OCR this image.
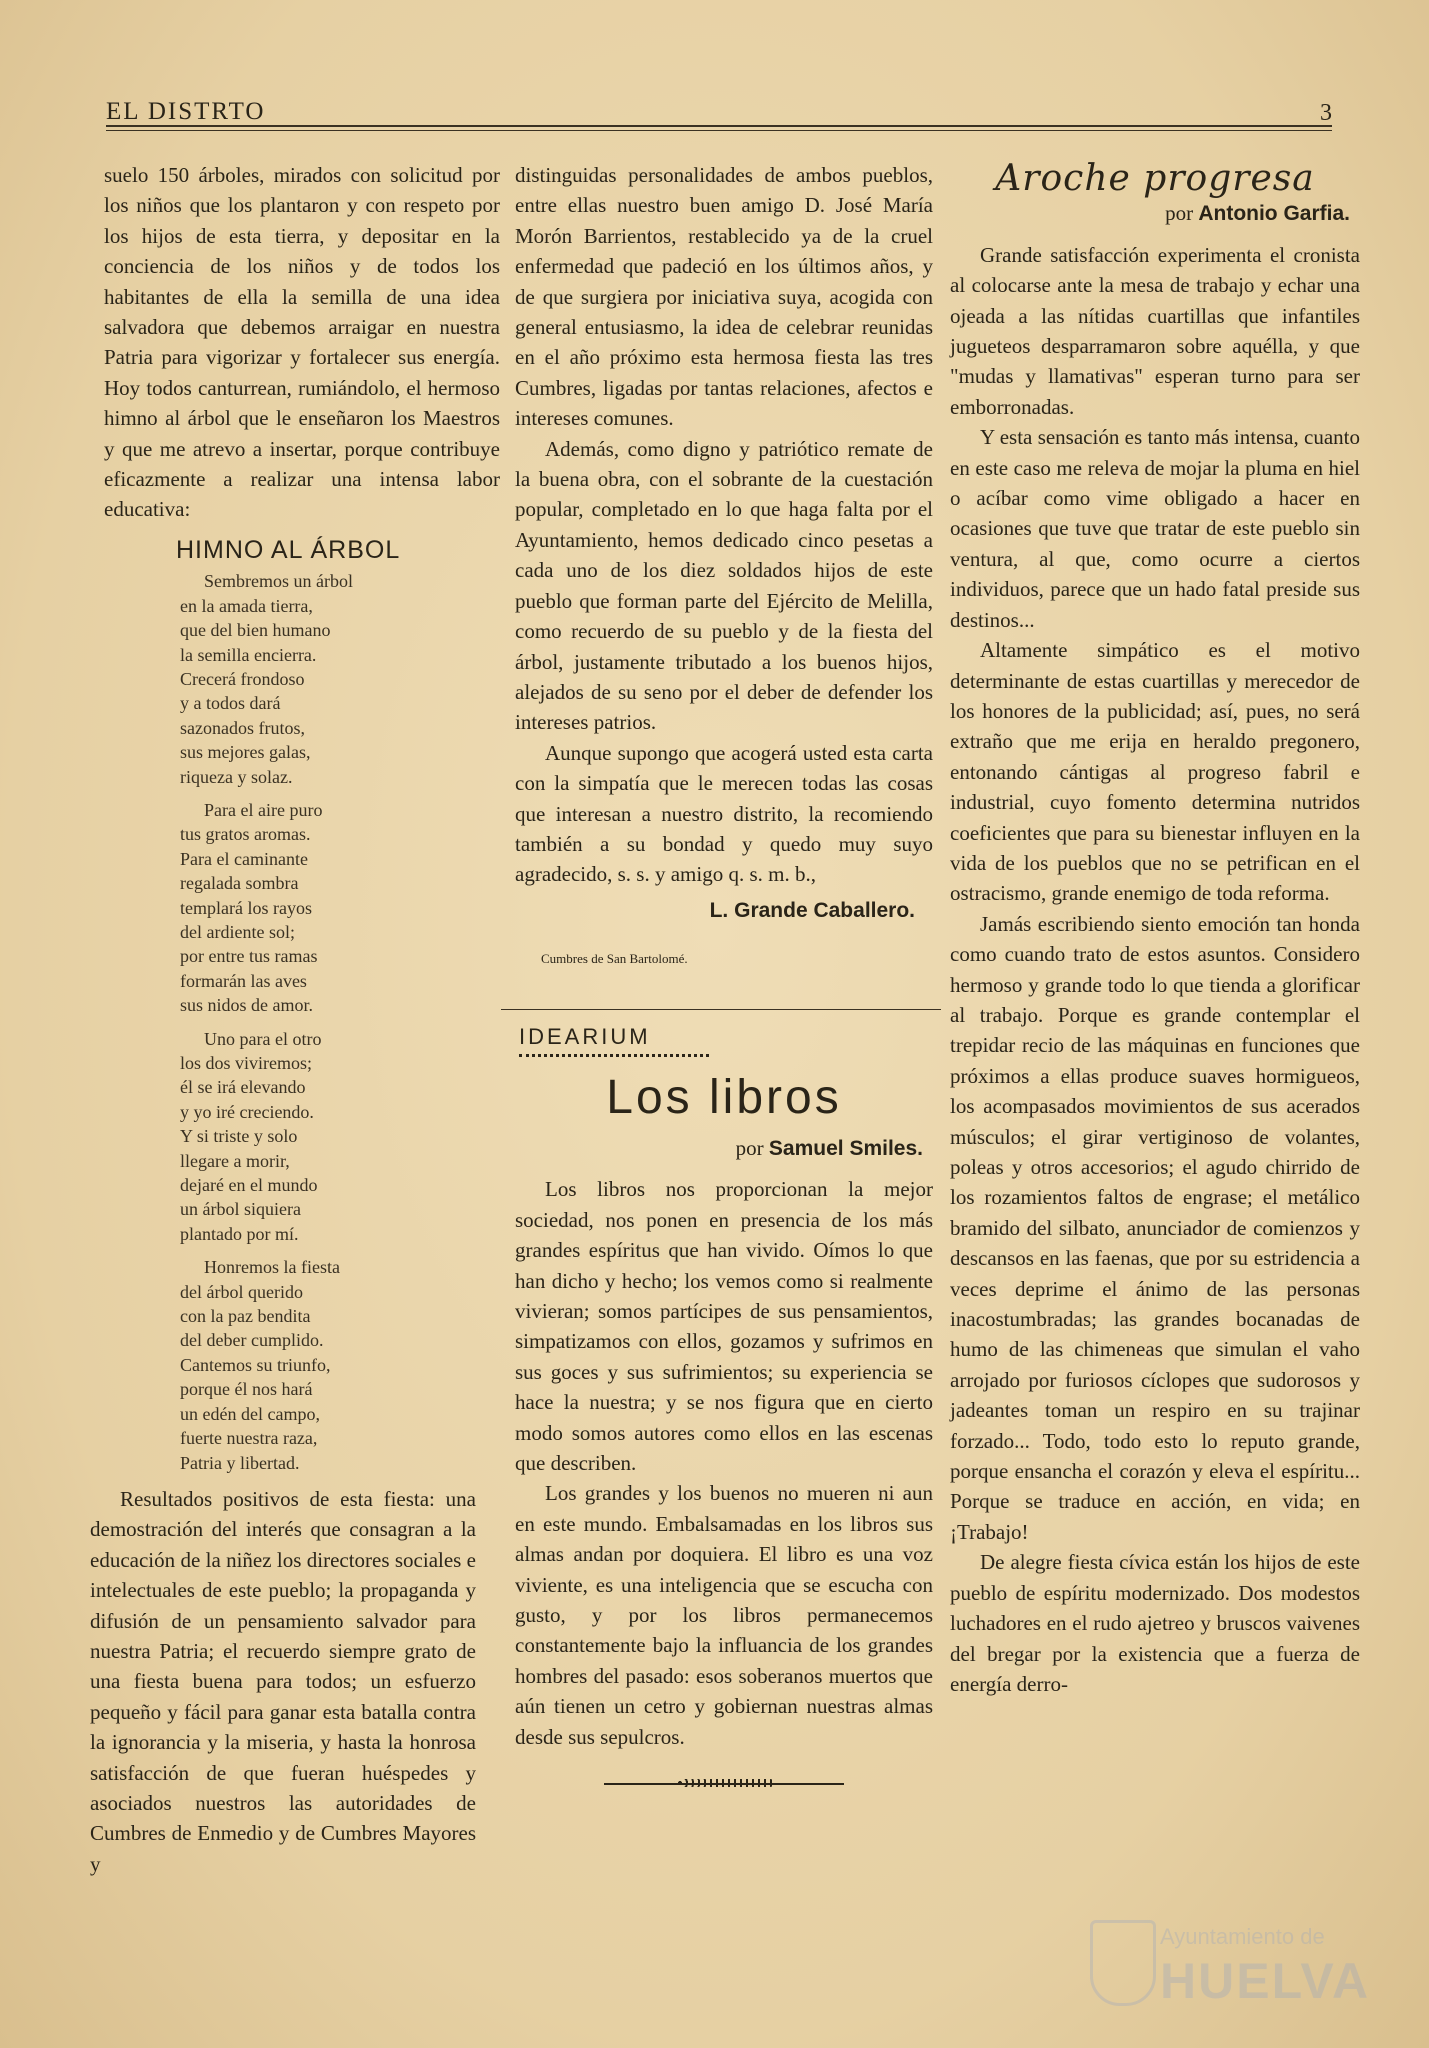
EL DISTRTO	3

suelo 150 árboles, mirados con solicitud por los niños que los plantaron y con respeto por los hijos de esta tierra, y depositar en la conciencia de los niños y de todos los habitantes de ella la semilla de una idea salvadora que debemos arraigar en nuestra Patria para vigorizar y fortalecer sus energía. Hoy todos canturrean, rumiándolo, el hermoso himno al árbol que le enseñaron los Maestros y que me atrevo a insertar, porque contribuye eficazmente a realizar una intensa labor educativa:

HIMNO AL ÁRBOL
Sembremos un árbol
en la amada tierra,
que del bien humano
la semilla encierra.
Crecerá frondoso
y a todos dará
sazonados frutos,
sus mejores galas,
riqueza y solaz.
Para el aire puro
tus gratos aromas.
Para el caminante
regalada sombra
templará los rayos
del ardiente sol;
por entre tus ramas
formarán las aves
sus nidos de amor.
Uno para el otro
los dos viviremos;
él se irá elevando
y yo iré creciendo.
Y si triste y solo
llegare a morir,
dejaré en el mundo
un árbol siquiera
plantado por mí.
Honremos la fiesta
del árbol querido
con la paz bendita
del deber cumplido.
Cantemos su triunfo,
porque él nos hará
un edén del campo,
fuerte nuestra raza,
Patria y libertad.

Resultados positivos de esta fiesta: una demostración del interés que consagran a la educación de la niñez los directores sociales e intelectuales de este pueblo; la propaganda y difusión de un pensamiento salvador para nuestra Patria; el recuerdo siempre grato de una fiesta buena para todos; un esfuerzo pequeño y fácil para ganar esta batalla contra la ignorancia y la miseria, y hasta la honrosa satisfacción de que fueran huéspedes y asociados nuestros las autoridades de Cumbres de Enmedio y de Cumbres Mayores y

distinguidas personalidades de ambos pueblos, entre ellas nuestro buen amigo D. José María Morón Barrientos, restablecido ya de la cruel enfermedad que padeció en los últimos años, y de que surgiera por iniciativa suya, acogida con general entusiasmo, la idea de celebrar reunidas en el año próximo esta hermosa fiesta las tres Cumbres, ligadas por tantas relaciones, afectos e intereses comunes.

Además, como digno y patriótico remate de la buena obra, con el sobrante de la cuestación popular, completado en lo que haga falta por el Ayuntamiento, hemos dedicado cinco pesetas a cada uno de los diez soldados hijos de este pueblo que forman parte del Ejército de Melilla, como recuerdo de su pueblo y de la fiesta del árbol, justamente tributado a los buenos hijos, alejados de su seno por el deber de defender los intereses patrios.

Aunque supongo que acogerá usted esta carta con la simpatía que le merecen todas las cosas que interesan a nuestro distrito, la recomiendo también a su bondad y quedo muy suyo agradecido, s. s. y amigo q. s. m. b.,

L. Grande Caballero.
Cumbres de San Bartolomé.
IDEARIUM
Los libros
por Samuel Smiles.

Los libros nos proporcionan la mejor sociedad, nos ponen en presencia de los más grandes espíritus que han vivido. Oímos lo que han dicho y hecho; los vemos como si realmente vivieran; somos partícipes de sus pensamientos, simpatizamos con ellos, gozamos y sufrimos en sus goces y sus sufrimientos; su experiencia se hace la nuestra; y se nos figura que en cierto modo somos autores como ellos en las escenas que describen.

Los grandes y los buenos no mueren ni aun en este mundo. Embalsamadas en los libros sus almas andan por doquiera. El libro es una voz viviente, es una inteligencia que se escucha con gusto, y por los libros permanecemos constantemente bajo la influancia de los grandes hombres del pasado: esos soberanos muertos que aún tienen un cetro y gobiernan nuestras almas desde sus sepulcros.

Aroche progresa
por Antonio Garfia.

Grande satisfacción experimenta el cronista al colocarse ante la mesa de trabajo y echar una ojeada a las nítidas cuartillas que infantiles jugueteos desparramaron sobre aquélla, y que "mudas y llamativas" esperan turno para ser emborronadas.

Y esta sensación es tanto más intensa, cuanto en este caso me releva de mojar la pluma en hiel o acíbar como vime obligado a hacer en ocasiones que tuve que tratar de este pueblo sin ventura, al que, como ocurre a ciertos individuos, parece que un hado fatal preside sus destinos...

Altamente simpático es el motivo determinante de estas cuartillas y merecedor de los honores de la publicidad; así, pues, no será extraño que me erija en heraldo pregonero, entonando cántigas al progreso fabril e industrial, cuyo fomento determina nutridos coeficientes que para su bienestar influyen en la vida de los pueblos que no se petrifican en el ostracismo, grande enemigo de toda reforma.

Jamás escribiendo siento emoción tan honda como cuando trato de estos asuntos. Considero hermoso y grande todo lo que tienda a glorificar al trabajo. Porque es grande contemplar el trepidar recio de las máquinas en funciones que próximos a ellas produce suaves hormigueos, los acompasados movimientos de sus acerados músculos; el girar vertiginoso de volantes, poleas y otros accesorios; el agudo chirrido de los rozamientos faltos de engrase; el metálico bramido del silbato, anunciador de comienzos y descansos en las faenas, que por su estridencia a veces deprime el ánimo de las personas inacostumbradas; las grandes bocanadas de humo de las chimeneas que simulan el vaho arrojado por furiosos cíclopes que sudorosos y jadeantes toman un respiro en su trajinar forzado... Todo, todo esto lo reputo grande, porque ensancha el corazón y eleva el espíritu... Porque se traduce en acción, en vida; en ¡Trabajo!

De alegre fiesta cívica están los hijos de este pueblo de espíritu modernizado. Dos modestos luchadores en el rudo ajetreo y bruscos vaivenes del bregar por la existencia que a fuerza de energía derro-

Ayuntamiento de
HUELVA
